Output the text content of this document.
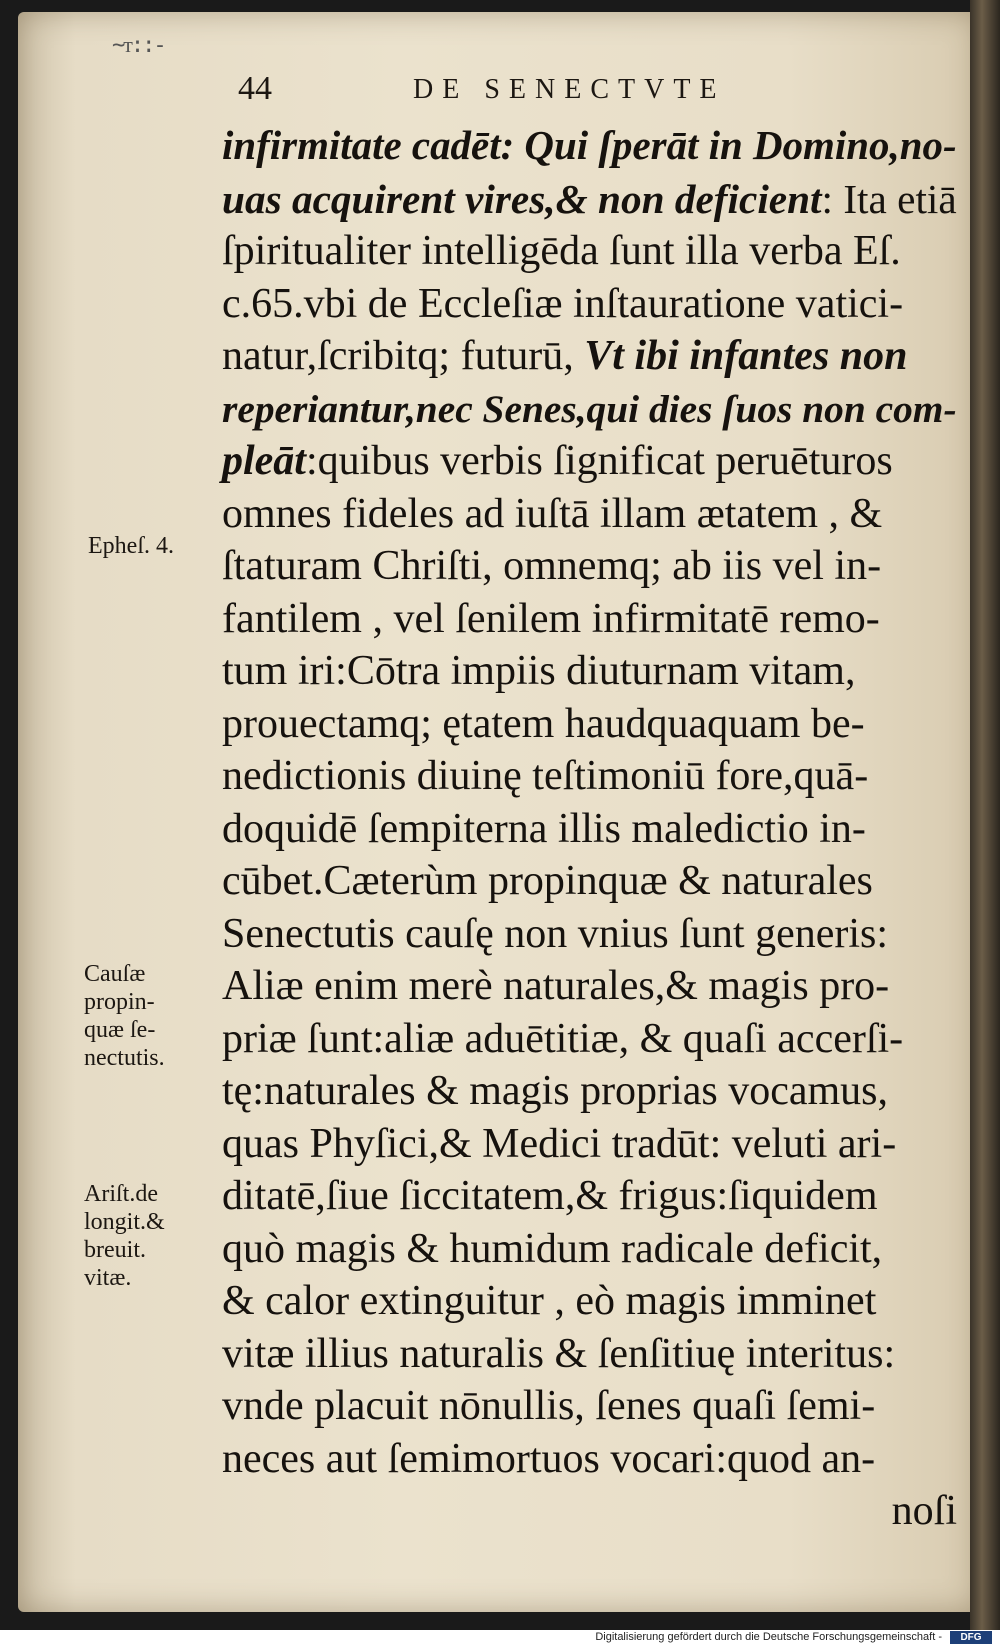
~ᴛ::-
44	DE SENECTVTE
infirmitate cadēt: Qui ſperāt in Domino,no-
uas acquirent vires,& non deficient: Ita etiā
ſpiritualiter intelligēda ſunt illa verba Eſ.
c.65.vbi de Eccleſiæ inſtauratione vatici-
natur,ſcribitq; futurū, Vt ibi infantes non
reperiantur,nec Senes,qui dies ſuos non com-
pleāt:quibus verbis ſignificat peruēturos
omnes fideles ad iuſtā illam ætatem , &
ſtaturam Chriſti, omnemq; ab iis vel in-
fantilem , vel ſenilem infirmitatē remo-
tum iri:Cōtra impiis diuturnam vitam,
prouectamq; ętatem haudquaquam be-
nedictionis diuinę teſtimoniū fore,quā-
doquidē ſempiterna illis maledictio in-
cūbet.Cæterùm propinquæ & naturales
Senectutis cauſę non vnius ſunt generis:
Aliæ enim merè naturales,& magis pro-
priæ ſunt:aliæ aduētitiæ, & quaſi accerſi-
tę:naturales & magis proprias vocamus,
quas Phyſici,& Medici tradūt: veluti ari-
ditatē,ſiue ſiccitatem,& frigus:ſiquidem
quò magis & humidum radicale deficit,
& calor extinguitur , eò magis imminet
vitæ illius naturalis & ſenſitiuę interitus:
vnde placuit nōnullis, ſenes quaſi ſemi-
neces aut ſemimortuos vocari:quod an-
noſi
Epheſ. 4.
Cauſæ
propin-
quæ ſe-
nectutis.
Ariſt.de
longit.&
breuit.
vitæ.
Digitalisierung gefördert durch die Deutsche Forschungsgemeinschaft -	DFG
